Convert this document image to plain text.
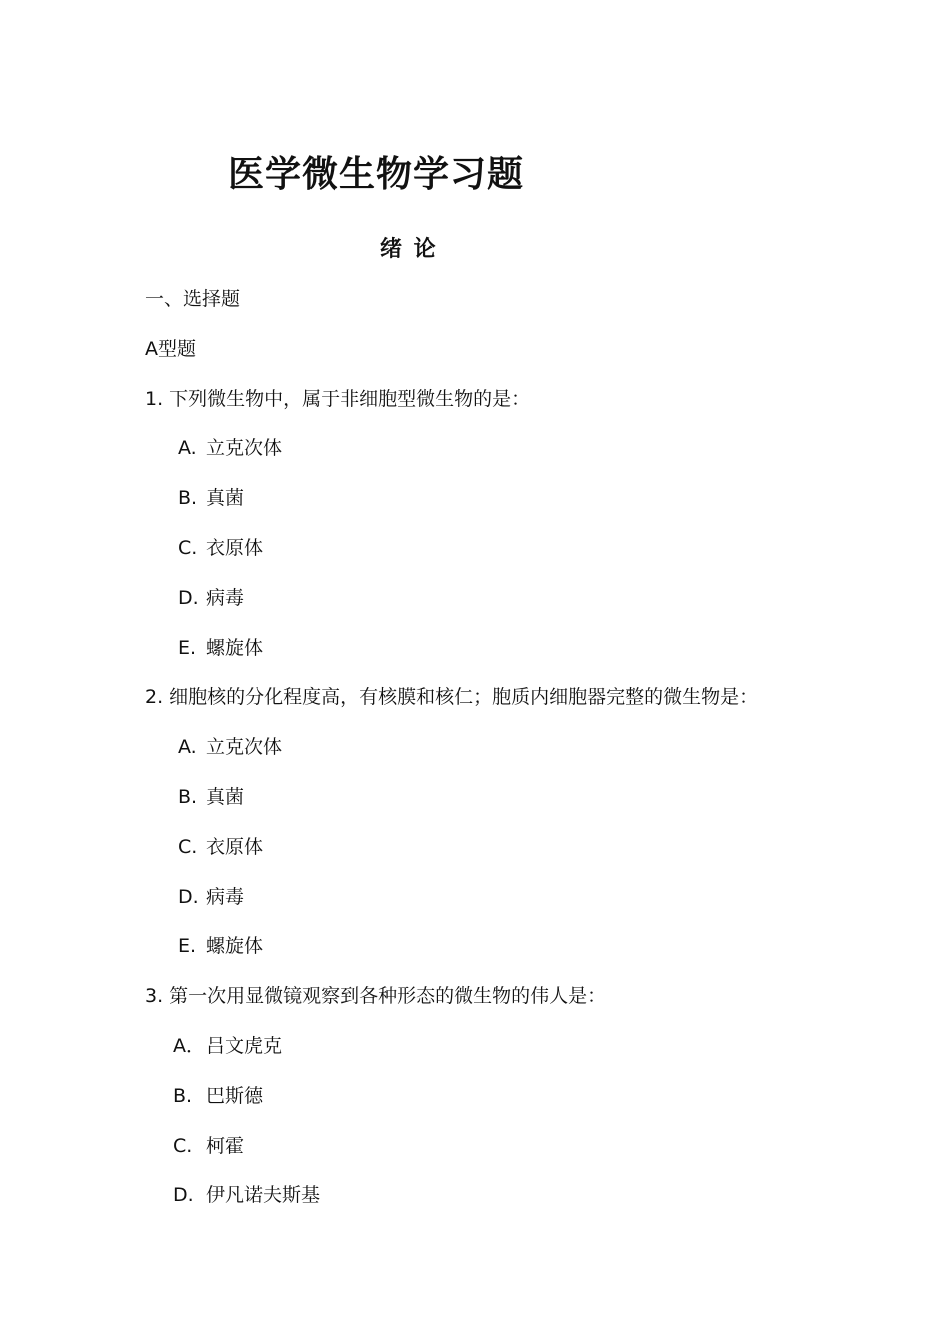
医学微生物学习题
绪 论
一、选择题
A型题
1. 下列微生物中，属于非细胞型微生物的是：
A. 立克次体
B. 真菌
C. 衣原体
D. 病毒
E. 螺旋体
2. 细胞核的分化程度高，有核膜和核仁；胞质内细胞器完整的微生物是：
A. 立克次体
B. 真菌
C. 衣原体
D. 病毒
E. 螺旋体
3. 第一次用显微镜观察到各种形态的微生物的伟人是：
A．吕文虎克
B. 巴斯德
C. 柯霍
D. 伊凡诺夫斯基
